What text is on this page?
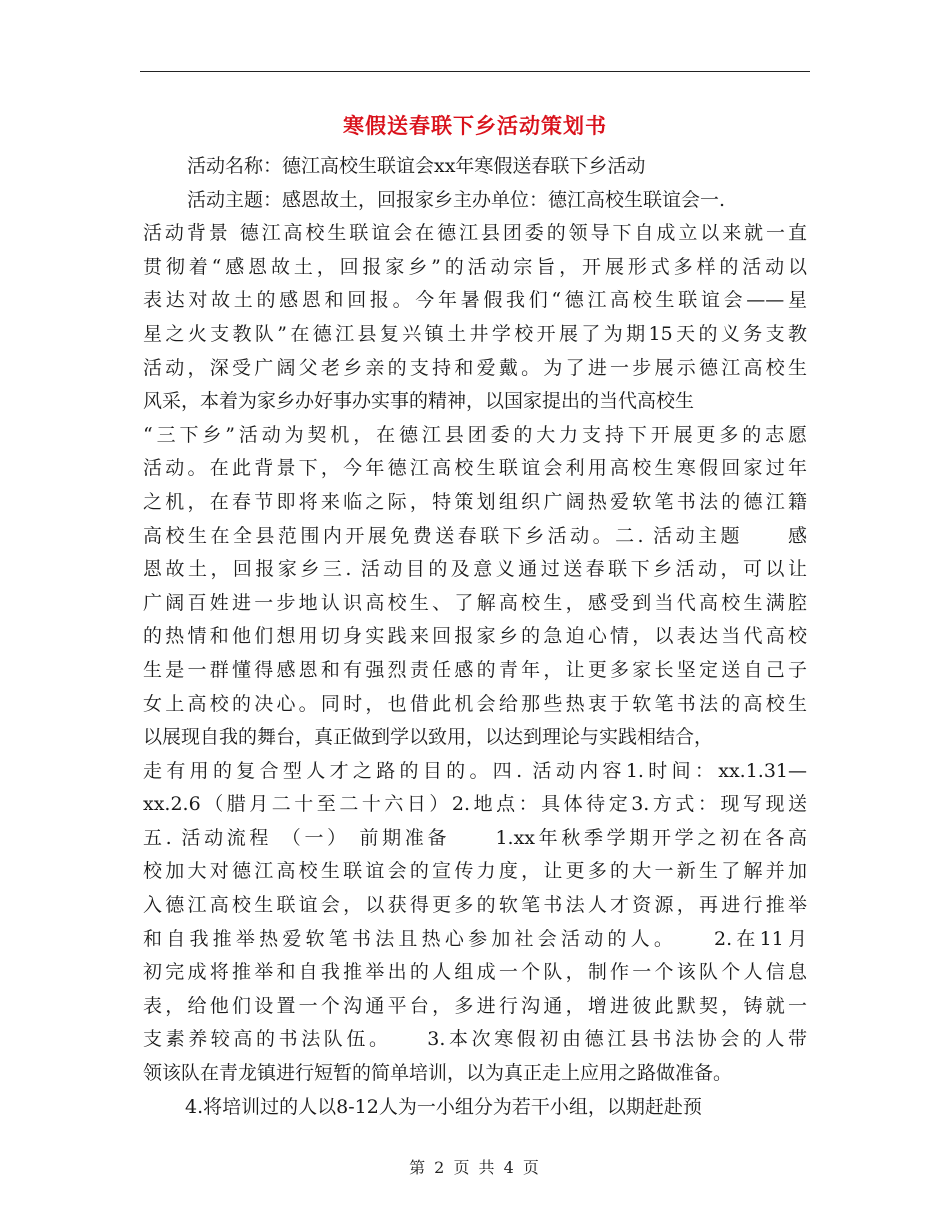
寒假送春联下乡活动策划书
活动名称：德江高校生联谊会xx年寒假送春联下乡活动
活动主题：感恩故土，回报家乡主办单位：德江高校生联谊会一.
活动背景 德江高校生联谊会在德江县团委的领导下自成立以来就一直
贯彻着“感恩故土，回报家乡”的活动宗旨，开展形式多样的活动以
表达对故土的感恩和回报。今年暑假我们“德江高校生联谊会——星
星之火支教队”在德江县复兴镇土井学校开展了为期15天的义务支教
活动，深受广阔父老乡亲的支持和爱戴。为了进一步展示德江高校生
风采，本着为家乡办好事办实事的精神，以国家提出的当代高校生
“三下乡”活动为契机，在德江县团委的大力支持下开展更多的志愿
活动。在此背景下，今年德江高校生联谊会利用高校生寒假回家过年
之机，在春节即将来临之际，特策划组织广阔热爱软笔书法的德江籍
高校生在全县范围内开展免费送春联下乡活动。二. 活动主题　　感
恩故土，回报家乡三. 活动目的及意义通过送春联下乡活动，可以让
广阔百姓进一步地认识高校生、了解高校生，感受到当代高校生满腔
的热情和他们想用切身实践来回报家乡的急迫心情，以表达当代高校
生是一群懂得感恩和有强烈责任感的青年，让更多家长坚定送自己子
女上高校的决心。同时，也借此机会给那些热衷于软笔书法的高校生
以展现自我的舞台，真正做到学以致用，以达到理论与实践相结合，
走有用的复合型人才之路的目的。四. 活动内容1.时间：xx.1.31—
xx.2.6（腊月二十至二十六日）2.地点：具体待定3.方式：现写现送
五. 活动流程 （一） 前期准备　　1.xx年秋季学期开学之初在各高
校加大对德江高校生联谊会的宣传力度，让更多的大一新生了解并加
入德江高校生联谊会，以获得更多的软笔书法人才资源，再进行推举
和自我推举热爱软笔书法且热心参加社会活动的人。　　2.在11月
初完成将推举和自我推举出的人组成一个队，制作一个该队个人信息
表，给他们设置一个沟通平台，多进行沟通，增进彼此默契，铸就一
支素养较高的书法队伍。　　3.本次寒假初由德江县书法协会的人带
领该队在青龙镇进行短暂的简单培训，以为真正走上应用之路做准备。
4.将培训过的人以8-12人为一小组分为若干小组，以期赶赴预
第 2 页 共 4 页
